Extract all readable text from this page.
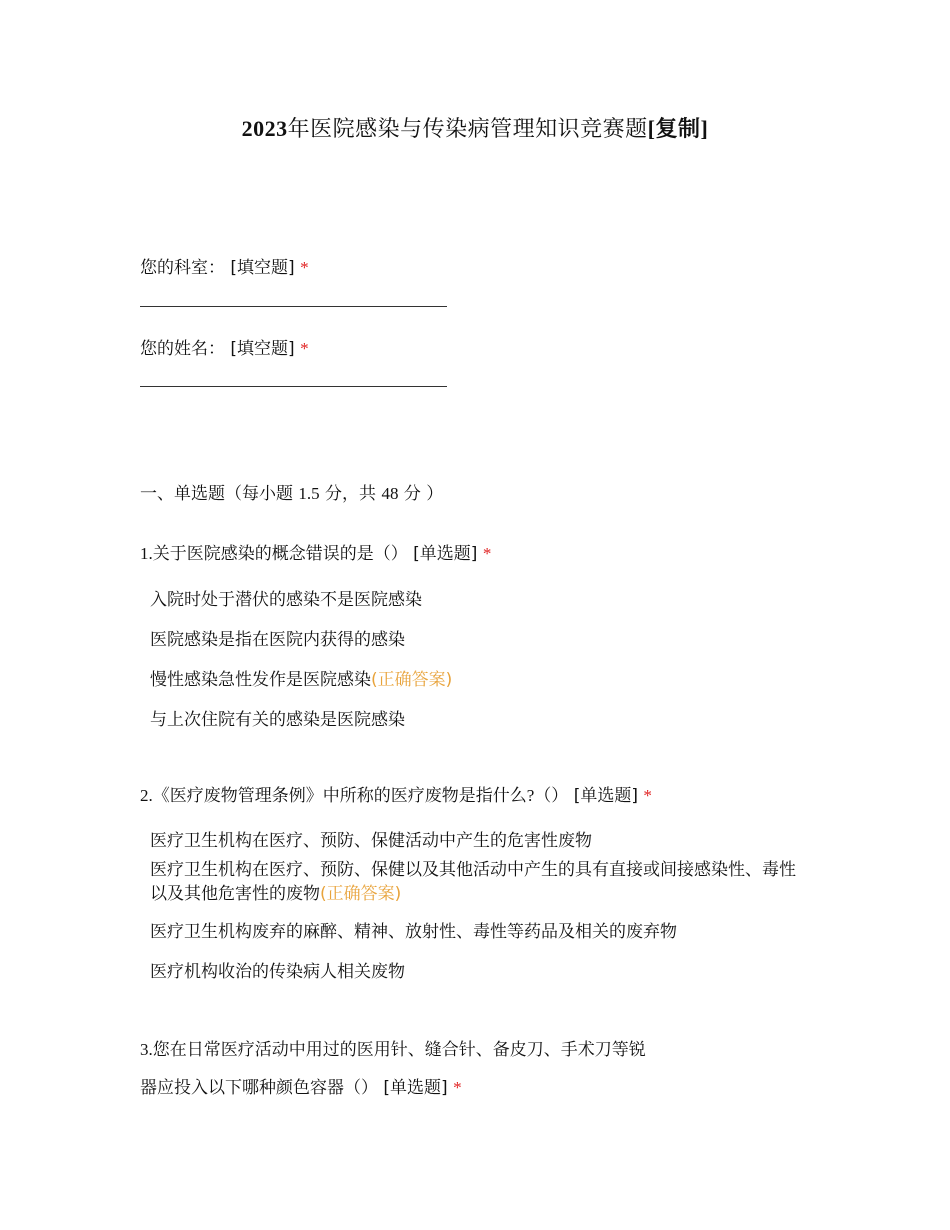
2023年医院感染与传染病管理知识竞赛题[复制]
您的科室： [填空题] *
您的姓名： [填空题] *
一、单选题（每小题 1.5 分，共 48 分 ）
1.关于医院感染的概念错误的是（） [单选题] *
入院时处于潜伏的感染不是医院感染
医院感染是指在医院内获得的感染
慢性感染急性发作是医院感染(正确答案)
与上次住院有关的感染是医院感染
2.《医疗废物管理条例》中所称的医疗废物是指什么?（） [单选题] *
医疗卫生机构在医疗、预防、保健活动中产生的危害性废物
医疗卫生机构在医疗、预防、保健以及其他活动中产生的具有直接或间接感染性、毒性以及其他危害性的废物(正确答案)
医疗卫生机构废弃的麻醉、精神、放射性、毒性等药品及相关的废弃物
医疗机构收治的传染病人相关废物
3.您在日常医疗活动中用过的医用针、缝合针、备皮刀、手术刀等锐
器应投入以下哪种颜色容器（） [单选题] *
